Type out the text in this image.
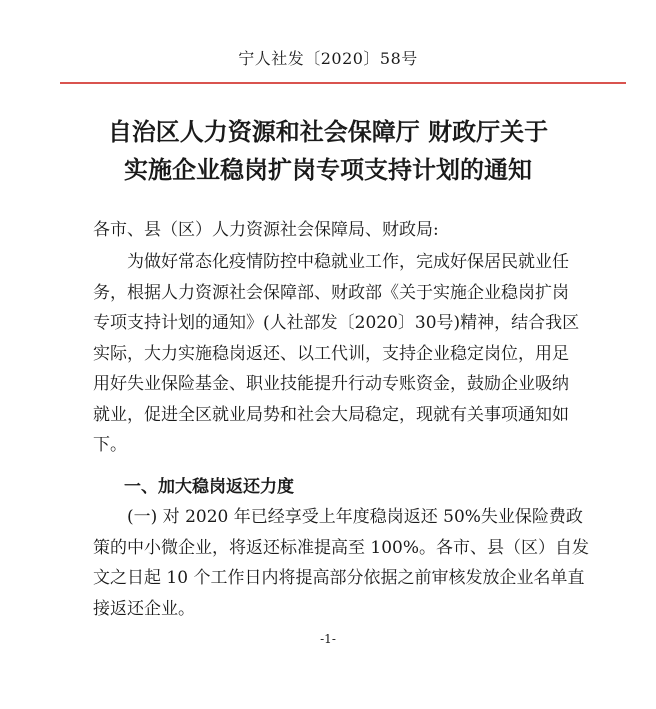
宁人社发〔2020〕58号
自治区人力资源和社会保障厅 财政厅关于
实施企业稳岗扩岗专项支持计划的通知
各市、县（区）人力资源社会保障局、财政局:
　　为做好常态化疫情防控中稳就业工作，完成好保居民就业任
务，根据人力资源社会保障部、财政部《关于实施企业稳岗扩岗
专项支持计划的通知》(人社部发〔2020〕30号)精神，结合我区
实际，大力实施稳岗返还、以工代训，支持企业稳定岗位，用足
用好失业保险基金、职业技能提升行动专账资金，鼓励企业吸纳
就业，促进全区就业局势和社会大局稳定，现就有关事项通知如
下。
一、加大稳岗返还力度
　　(一) 对 2020 年已经享受上年度稳岗返还 50%失业保险费政
策的中小微企业，将返还标准提高至 100%。各市、县（区）自发
文之日起 10 个工作日内将提高部分依据之前审核发放企业名单直
接返还企业。
-1-
